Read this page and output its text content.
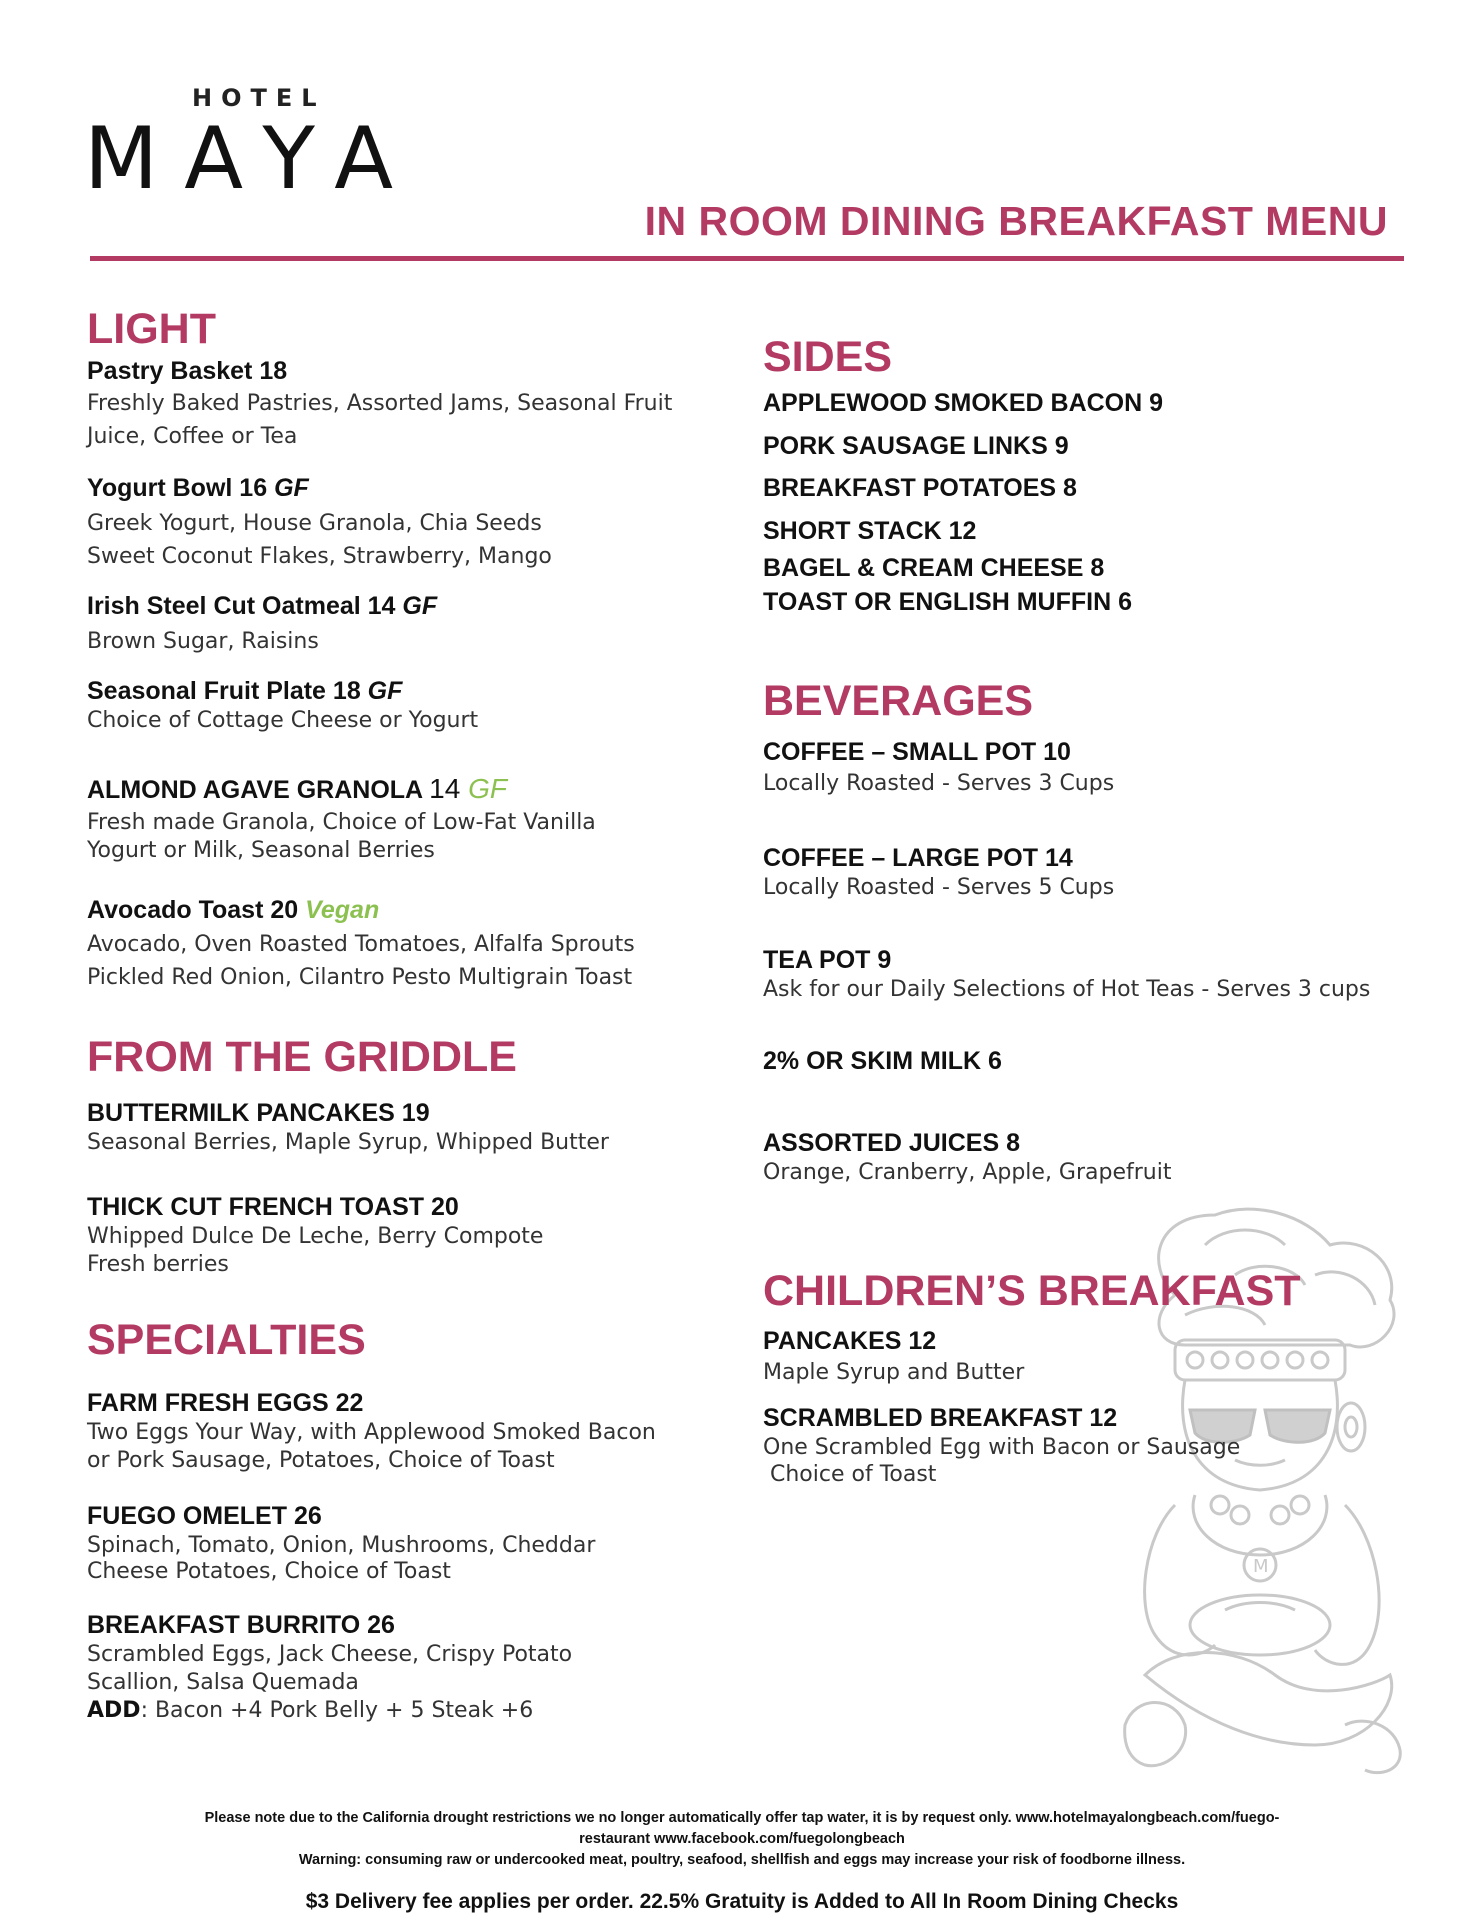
HOTEL
MAYA
IN ROOM DINING BREAKFAST MENU
LIGHT
Pastry Basket 18
Freshly Baked Pastries, Assorted Jams, Seasonal Fruit
Juice, Coffee or Tea
Yogurt Bowl 16 GF
Greek Yogurt, House Granola, Chia Seeds
Sweet Coconut Flakes, Strawberry, Mango
Irish Steel Cut Oatmeal 14 GF
Brown Sugar, Raisins
Seasonal Fruit Plate 18 GF
Choice of Cottage Cheese or Yogurt
ALMOND AGAVE GRANOLA 14 GF
Fresh made Granola, Choice of Low-Fat Vanilla
Yogurt or Milk, Seasonal Berries
Avocado Toast 20 Vegan
Avocado, Oven Roasted Tomatoes, Alfalfa Sprouts
Pickled Red Onion, Cilantro Pesto Multigrain Toast
FROM THE GRIDDLE
BUTTERMILK PANCAKES 19
Seasonal Berries, Maple Syrup, Whipped Butter
THICK CUT FRENCH TOAST 20
Whipped Dulce De Leche, Berry Compote
Fresh berries
SPECIALTIES
FARM FRESH EGGS 22
Two Eggs Your Way, with Applewood Smoked Bacon
or Pork Sausage, Potatoes, Choice of Toast
FUEGO OMELET 26
Spinach, Tomato, Onion, Mushrooms, Cheddar
Cheese Potatoes, Choice of Toast
BREAKFAST BURRITO 26
Scrambled Eggs, Jack Cheese, Crispy Potato
Scallion, Salsa Quemada
ADD: Bacon +4 Pork Belly + 5 Steak +6
M
SIDES
APPLEWOOD SMOKED BACON 9
PORK SAUSAGE LINKS 9
BREAKFAST POTATOES 8
SHORT STACK 12
BAGEL & CREAM CHEESE 8
TOAST OR ENGLISH MUFFIN 6
BEVERAGES
COFFEE – SMALL POT 10
Locally Roasted - Serves 3 Cups
COFFEE – LARGE POT 14
Locally Roasted - Serves 5 Cups
TEA POT 9
Ask for our Daily Selections of Hot Teas - Serves 3 cups
2% OR SKIM MILK 6
ASSORTED JUICES 8
Orange, Cranberry, Apple, Grapefruit
CHILDREN’S BREAKFAST
PANCAKES 12
Maple Syrup and Butter
SCRAMBLED BREAKFAST 12
One Scrambled Egg with Bacon or Sausage
Choice of Toast
Please note due to the California drought restrictions we no longer automatically offer tap water, it is by request only. www.hotelmayalongbeach.com/fuego-
restaurant www.facebook.com/fuegolongbeach
Warning: consuming raw or undercooked meat, poultry, seafood, shellfish and eggs may increase your risk of foodborne illness.
$3 Delivery fee applies per order. 22.5% Gratuity is Added to All In Room Dining Checks
